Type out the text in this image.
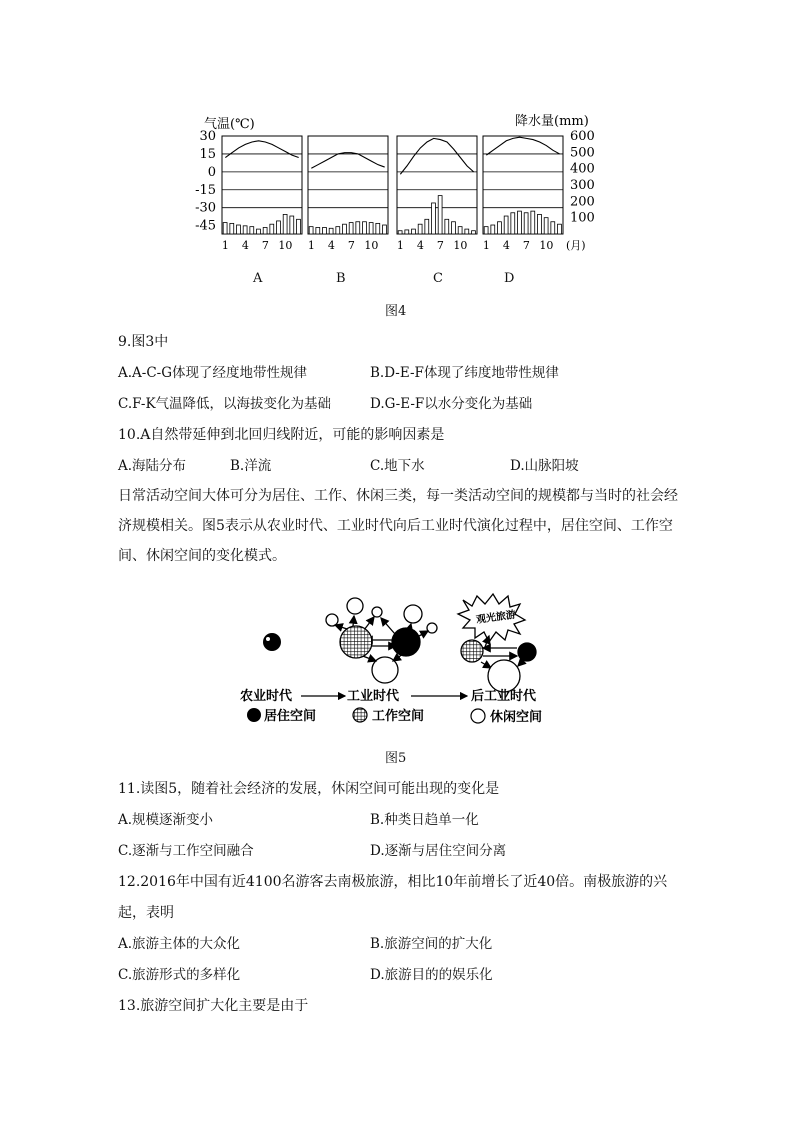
气温(℃)	降水量(mm)
30
15
0
-15
-30
-45
600
500
400
300
200
100
1 4 7 10 1 4 7 10 1 4 7 10 1 4 7 10 (月)
A	B	C	D
图4
9.图3中
A.A-C-G体现了经度地带性规律	B.D-E-F体现了纬度地带性规律
C.F-K气温降低，以海拔变化为基础	D.G-E-F以水分变化为基础
10.A自然带延伸到北回归线附近，可能的影响因素是
A.海陆分布	B.洋流	C.地下水	D.山脉阳坡
日常活动空间大体可分为居住、工作、休闲三类，每一类活动空间的规模都与当时的社会经济规模相关。图5表示从农业时代、工业时代向后工业时代演化过程中，居住空间、工作空间、休闲空间的变化模式。
观光旅游
农业时代	工业时代	后工业时代
居住空间	工作空间	休闲空间
图5
11.读图5，随着社会经济的发展，休闲空间可能出现的变化是
A.规模逐渐变小	B.种类日趋单一化
C.逐渐与工作空间融合	D.逐渐与居住空间分离
12.2016年中国有近4100名游客去南极旅游，相比10年前增长了近40倍。南极旅游的兴
起，表明
A.旅游主体的大众化	B.旅游空间的扩大化
C.旅游形式的多样化	D.旅游目的的娱乐化
13.旅游空间扩大化主要是由于
